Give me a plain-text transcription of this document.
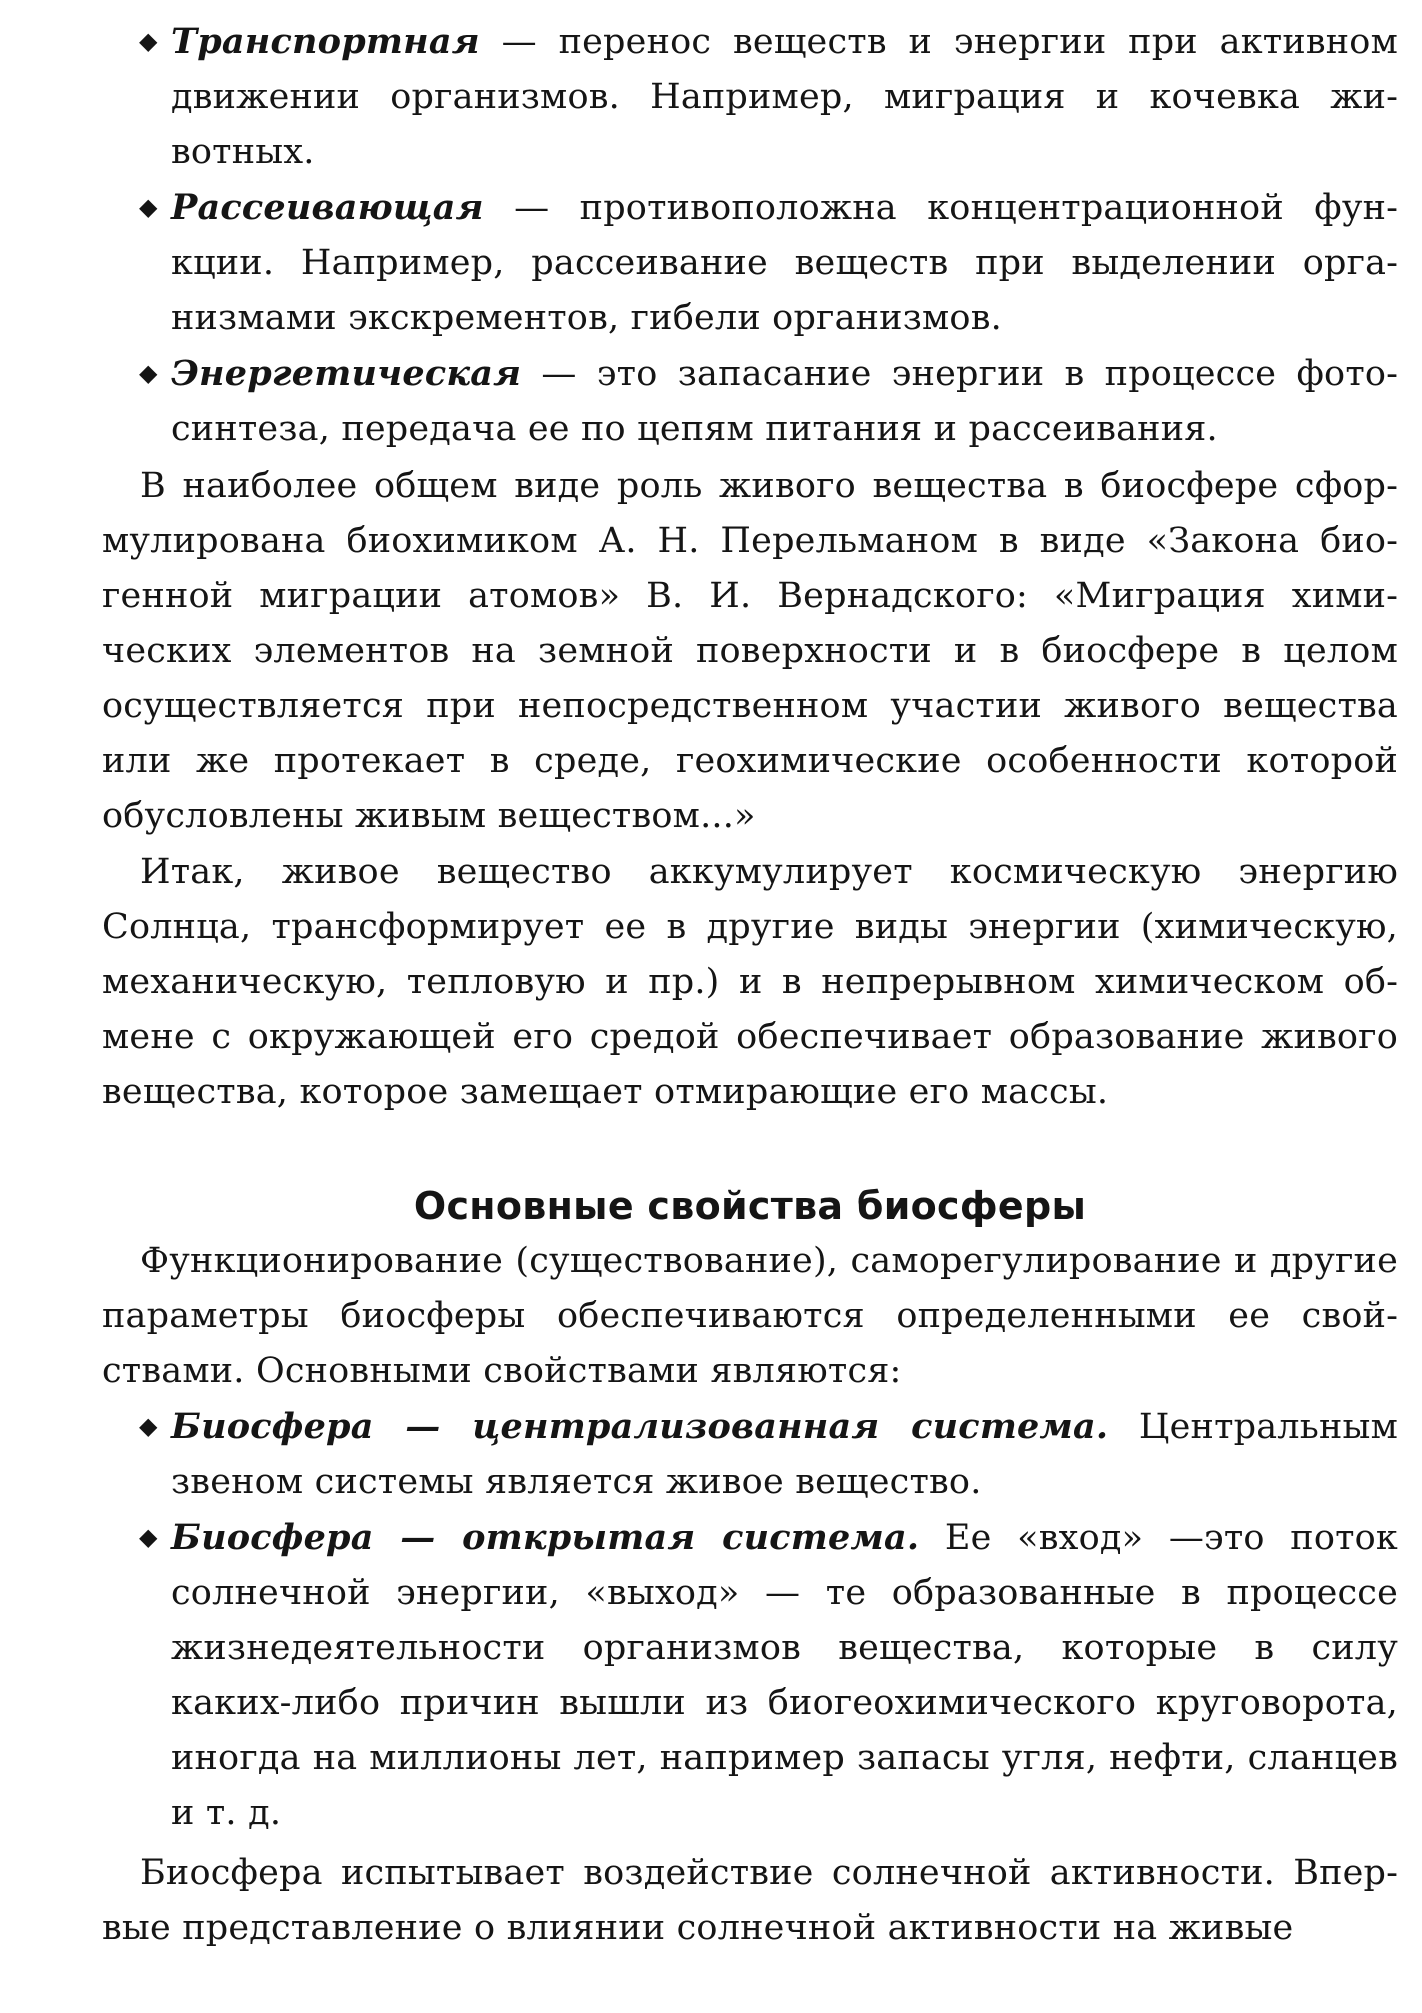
◆ Транспортная — перенос веществ и энергии при активном движении организмов. Например, миграция и кочевка животных.
◆ Рассеивающая — противоположна концентрационной функции. Например, рассеивание веществ при выделении организмами экскрементов, гибели организмов.
◆ Энергетическая — это запасание энергии в процессе фотосинтеза, передача ее по цепям питания и рассеивания.

В наиболее общем виде роль живого вещества в биосфере сформулирована биохимиком А. Н. Перельманом в виде «Закона биогенной миграции атомов» В. И. Вернадского: «Миграция химических элементов на земной поверхности и в биосфере в целом осуществляется при непосредственном участии живого вещества или же протекает в среде, геохимические особенности которой обусловлены живым веществом...»

Итак, живое вещество аккумулирует космическую энергию Солнца, трансформирует ее в другие виды энергии (химическую, механическую, тепловую и пр.) и в непрерывном химическом обмене с окружающей его средой обеспечивает образование живого вещества, которое замещает отмирающие его массы.

Основные свойства биосферы

Функционирование (существование), саморегулирование и другие параметры биосферы обеспечиваются определенными ее свойствами. Основными свойствами являются:

◆ Биосфера — централизованная система. Центральным звеном системы является живое вещество.
◆ Биосфера — открытая система. Ее «вход» —это поток солнечной энергии, «выход» — те образованные в процессе жизнедеятельности организмов вещества, которые в силу каких-либо причин вышли из биогеохимического круговорота, иногда на миллионы лет, например запасы угля, нефти, сланцев и т. д.

Биосфера испытывает воздействие солнечной активности. Впервые представление о влиянии солнечной активности на живые
